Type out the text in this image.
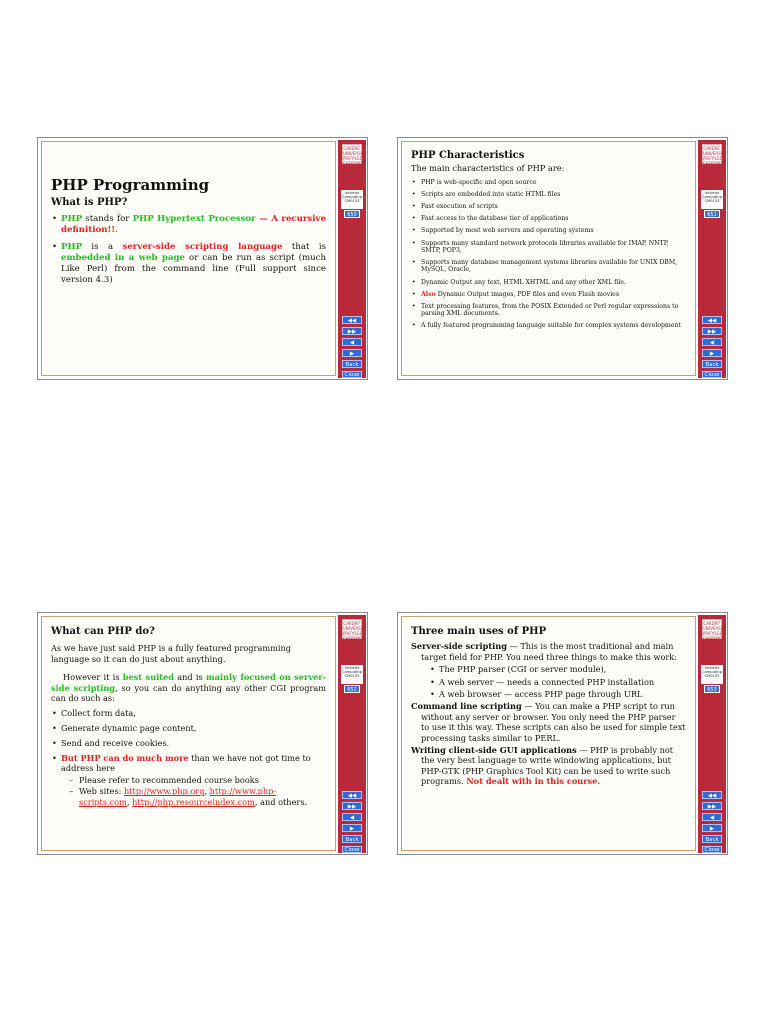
PHP Programming
What is PHP?
• PHP stands for PHP Hypertext Processor — A recursive definition!!.
• PHP is a server-side scripting language that is embedded in a web page or can be run as script (much Like Perl) from the command line (Full support since version 4.3)
CARDIFF
UNIVERSITY
PRIFYSGOL
CAERDYDD
Internet
Computing
CM0133
650
◀◀
▶▶
◀
▶
Back
Close
PHP Characteristics

The main characteristics of PHP are:

• PHP is web-specific and open source
• Scripts are embedded into static HTML files
• Fast execution of scripts
• Fast access to the database tier of applications
• Supported by most web servers and operating systems
• Supports many standard network protocols libraries available for IMAP, NNTP, SMTP, POP3,
• Supports many database management systems libraries available for UNIX DBM, MySQL, Oracle,
• Dynamic Output any text, HTML XHTML and any other XML file.
• Also Dynamic Output images, PDF files and even Flash movies
• Text processing features, from the POSIX Extended or Perl regular expressions to parsing XML documents.
• A fully featured programming language suitable for complex systems development
CARDIFF
UNIVERSITY
PRIFYSGOL
CAERDYDD
Internet
Computing
CM0133
651
◀◀
▶▶
◀
▶
Back
Close
What can PHP do?

As we have just said PHP is a fully featured programming language so it can do just about anything.

However it is best suited and is mainly focused on server-side scripting, so you can do anything any other CGI program can do such as:

• Collect form data,
• Generate dynamic page content,
• Send and receive cookies.
• But PHP can do much more than we have not got time to address here
– Please refer to recommended course books
– Web sites: http://www.php.org, http://www.php-scripts.com, http://php.resourceindex.com, and others.
CARDIFF
UNIVERSITY
PRIFYSGOL
CAERDYDD
Internet
Computing
CM0133
652
◀◀
▶▶
◀
▶
Back
Close
Three main uses of PHP

Server-side scripting — This is the most traditional and main target field for PHP. You need three things to make this work:

• The PHP parser (CGI or server module),
• A web server — needs a connected PHP installation
• A web browser — access PHP page through URL

Command line scripting — You can make a PHP script to run without any server or browser. You only need the PHP parser to use it this way. These scripts can also be used for simple text processing tasks similar to PERL.

Writing client-side GUI applications — PHP is probably not the very best language to write windowing applications, but PHP-GTK (PHP Graphics Tool Kit) can be used to write such programs. Not dealt with in this course.

CARDIFF
UNIVERSITY
PRIFYSGOL
CAERDYDD
Internet
Computing
CM0133
653
◀◀
▶▶
◀
▶
Back
Close
